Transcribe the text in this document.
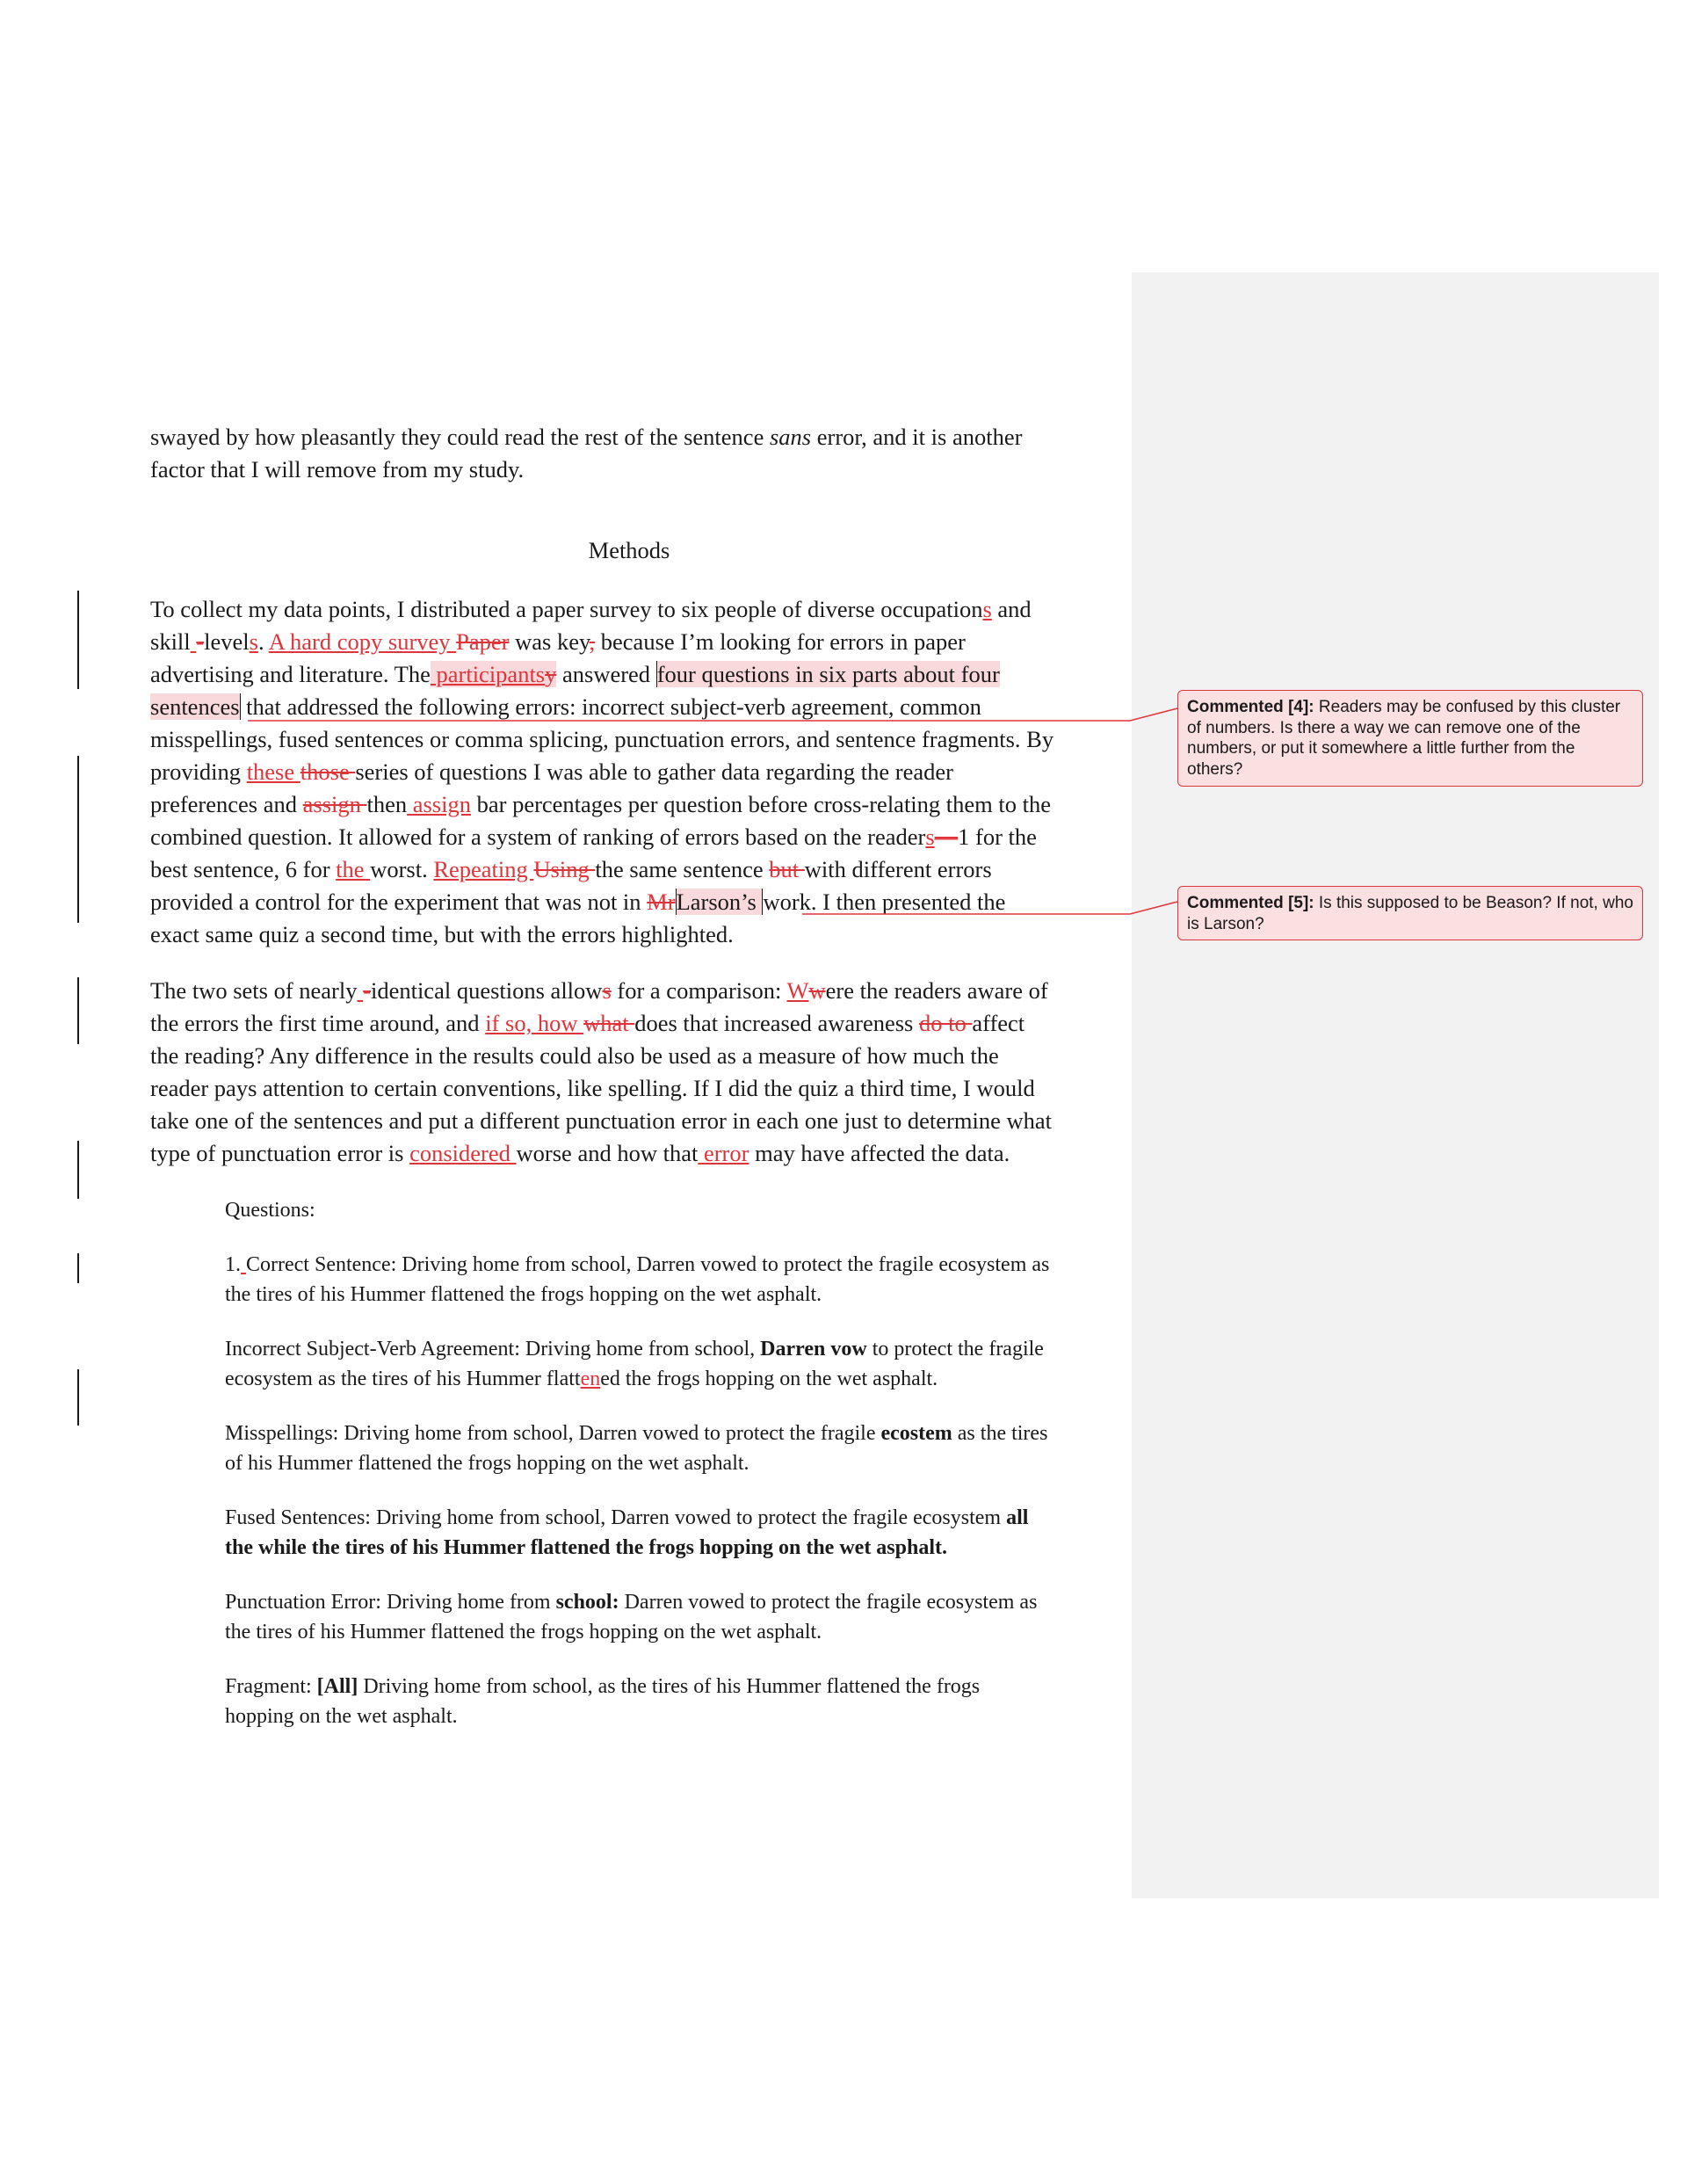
swayed by how pleasantly they could read the rest of the sentence sans error, and it is another
factor that I will remove from my study.
Methods
To collect my data points, I distributed a paper survey to six people of diverse occupations and
skill -levels. A hard copy survey Paper was key, because I’m looking for errors in paper
advertising and literature. The participantsy answered four questions in six parts about four
sentences that addressed the following errors: incorrect subject-verb agreement, common
misspellings, fused sentences or comma splicing, punctuation errors, and sentence fragments. By
providing these those series of questions I was able to gather data regarding the reader
preferences and assign then assign bar percentages per question before cross-relating them to the
combined question. It allowed for a system of ranking of errors based on the readers—1 for the
best sentence, 6 for the worst. Repeating Using the same sentence but with different errors
provided a control for the experiment that was not in MrLarson’s work. I then presented the
exact same quiz a second time, but with the errors highlighted.
The two sets of nearly -identical questions allows for a comparison: Wwere the readers aware of
the errors the first time around, and if so, how what does that increased awareness do to affect
the reading? Any difference in the results could also be used as a measure of how much the
reader pays attention to certain conventions, like spelling. If I did the quiz a third time, I would
take one of the sentences and put a different punctuation error in each one just to determine what
type of punctuation error is considered worse and how that error may have affected the data.
Questions:
1. Correct Sentence: Driving home from school, Darren vowed to protect the fragile ecosystem as
the tires of his Hummer flattened the frogs hopping on the wet asphalt.
Incorrect Subject-Verb Agreement: Driving home from school, Darren vow to protect the fragile
ecosystem as the tires of his Hummer flattened the frogs hopping on the wet asphalt.
Misspellings: Driving home from school, Darren vowed to protect the fragile ecostem as the tires
of his Hummer flattened the frogs hopping on the wet asphalt.
Fused Sentences: Driving home from school, Darren vowed to protect the fragile ecosystem all
the while the tires of his Hummer flattened the frogs hopping on the wet asphalt.
Punctuation Error: Driving home from school: Darren vowed to protect the fragile ecosystem as
the tires of his Hummer flattened the frogs hopping on the wet asphalt.
Fragment: [All] Driving home from school, as the tires of his Hummer flattened the frogs
hopping on the wet asphalt.
Commented [4]: Readers may be confused by this cluster of numbers. Is there a way we can remove one of the numbers, or put it somewhere a little further from the others?
Commented [5]: Is this supposed to be Beason? If not, who is Larson?
